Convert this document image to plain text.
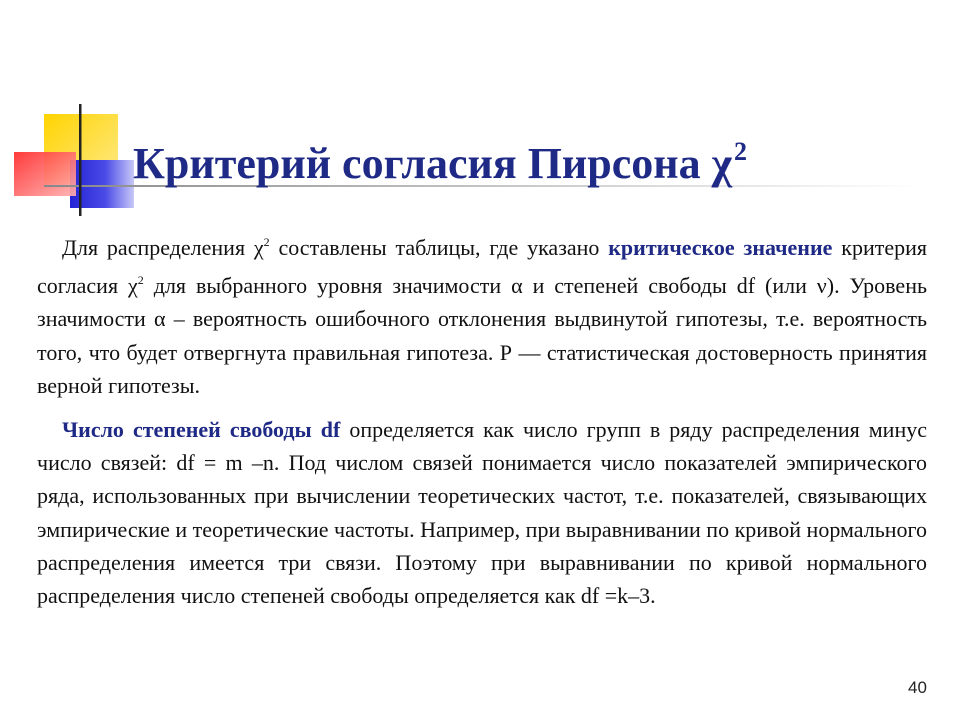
Критерий согласия Пирсона $\chi^2$

Для распределения $\chi^2$ составлены таблицы, где указано критическое значение критерия согласия $\chi^2$ для выбранного уровня значимости α и степеней свободы df (или ν). Уровень значимости α – вероятность ошибочного отклонения выдвинутой гипотезы, т.е. вероятность того, что будет отвергнута правильная гипотеза. Р — статистическая достоверность принятия верной гипотезы.

Число степеней свободы df определяется как число групп в ряду распределения минус число связей: df = m –n. Под числом связей понимается число показателей эмпирического ряда, использованных при вычислении теоретических частот, т.е. показателей, связывающих эмпирические и теоретические частоты. Например, при выравнивании по кривой нормального распределения имеется три связи. Поэтому при выравнивании по кривой нормального распределения число степеней свободы определяется как df =k–3.

40
